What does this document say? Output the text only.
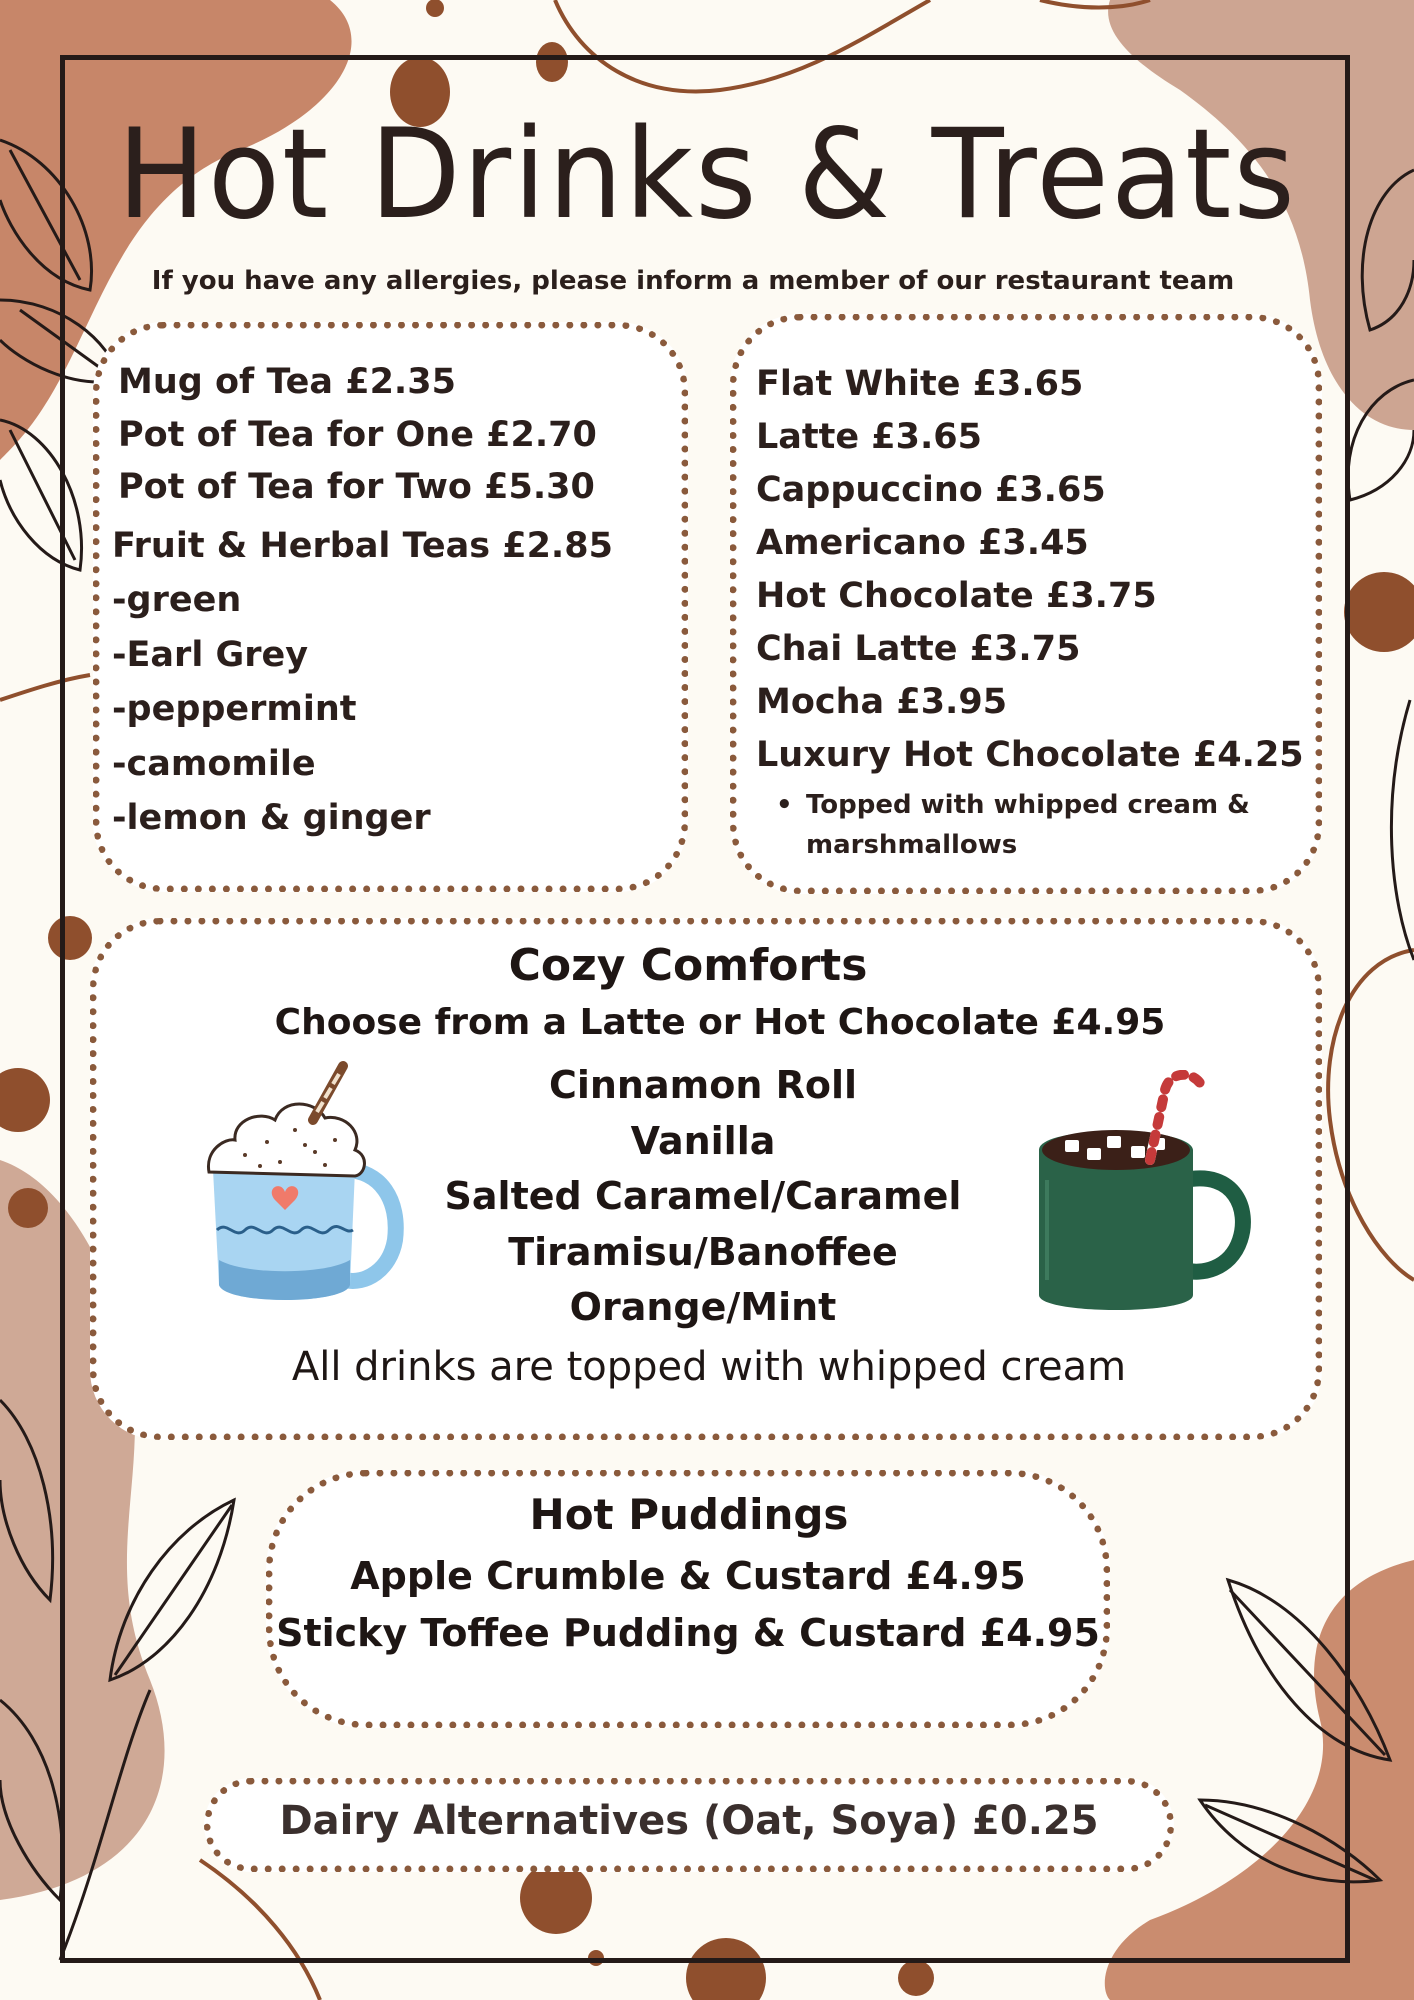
Hot Drinks & Treats
If you have any allergies, please inform a member of our restaurant team
Mug of Tea £2.35
Pot of Tea for One £2.70
Pot of Tea for Two £5.30
Fruit & Herbal Teas £2.85
-green
-Earl Grey
-peppermint
-camomile
-lemon & ginger
Flat White £3.65
Latte £3.65
Cappuccino £3.65
Americano £3.45
Hot Chocolate £3.75
Chai Latte £3.75
Mocha £3.95
Luxury Hot Chocolate £4.25
• Topped with whipped cream & marshmallows
Cozy Comforts
Choose from a Latte or Hot Chocolate £4.95
Cinnamon Roll
Vanilla
Salted Caramel/Caramel
Tiramisu/Banoffee
Orange/Mint
All drinks are topped with whipped cream
Hot Puddings
Apple Crumble & Custard £4.95
Sticky Toffee Pudding & Custard £4.95
Dairy Alternatives (Oat, Soya) £0.25
